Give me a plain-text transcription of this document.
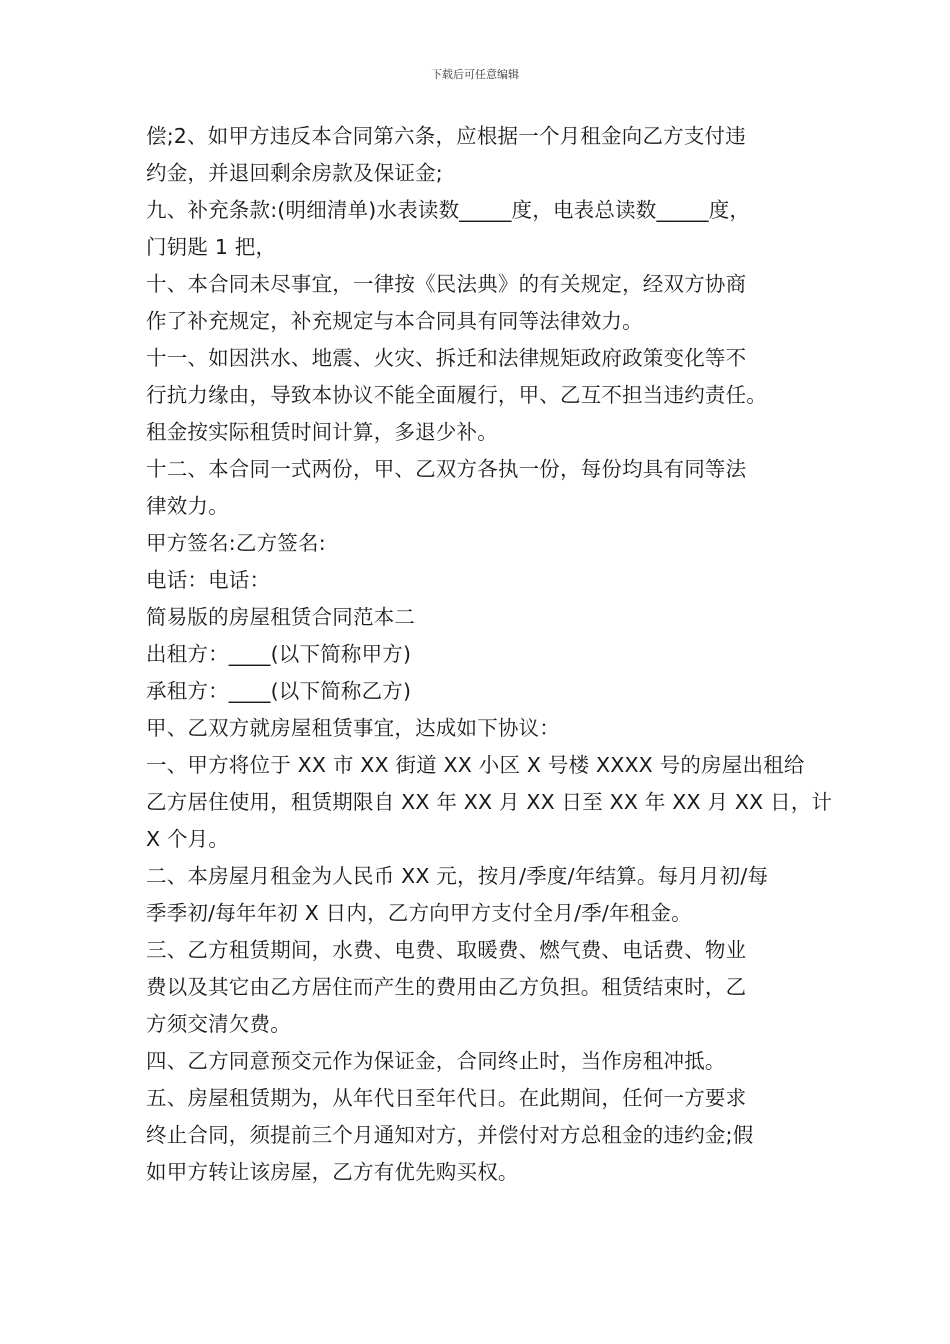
下载后可任意编辑

偿;2、如甲方违反本合同第六条，应根据一个月租金向乙方支付违

约金，并退回剩余房款及保证金;

九、补充条款:(明细清单)水表读数_____度，电表总读数_____度，

门钥匙 1 把，

十、本合同未尽事宜，一律按《民法典》的有关规定，经双方协商

作了补充规定，补充规定与本合同具有同等法律效力。

十一、如因洪水、地震、火灾、拆迁和法律规矩政府政策变化等不

行抗力缘由，导致本协议不能全面履行，甲、乙互不担当违约责任。

租金按实际租赁时间计算，多退少补。

十二、本合同一式两份，甲、乙双方各执一份，每份均具有同等法

律效力。

甲方签名:乙方签名:

电话：电话：

简易版的房屋租赁合同范本二

出租方：____(以下简称甲方)

承租方：____(以下简称乙方)

甲、乙双方就房屋租赁事宜，达成如下协议：

一、甲方将位于 XX 市 XX 街道 XX 小区 X 号楼 XXXX 号的房屋出租给

乙方居住使用，租赁期限自 XX 年 XX 月 XX 日至 XX 年 XX 月 XX 日，计

X 个月。

二、本房屋月租金为人民币 XX 元，按月/季度/年结算。每月月初/每

季季初/每年年初 X 日内，乙方向甲方支付全月/季/年租金。

三、乙方租赁期间，水费、电费、取暖费、燃气费、电话费、物业

费以及其它由乙方居住而产生的费用由乙方负担。租赁结束时，乙

方须交清欠费。

四、乙方同意预交元作为保证金，合同终止时，当作房租冲抵。

五、房屋租赁期为，从年代日至年代日。在此期间，任何一方要求

终止合同，须提前三个月通知对方，并偿付对方总租金的违约金;假

如甲方转让该房屋，乙方有优先购买权。
